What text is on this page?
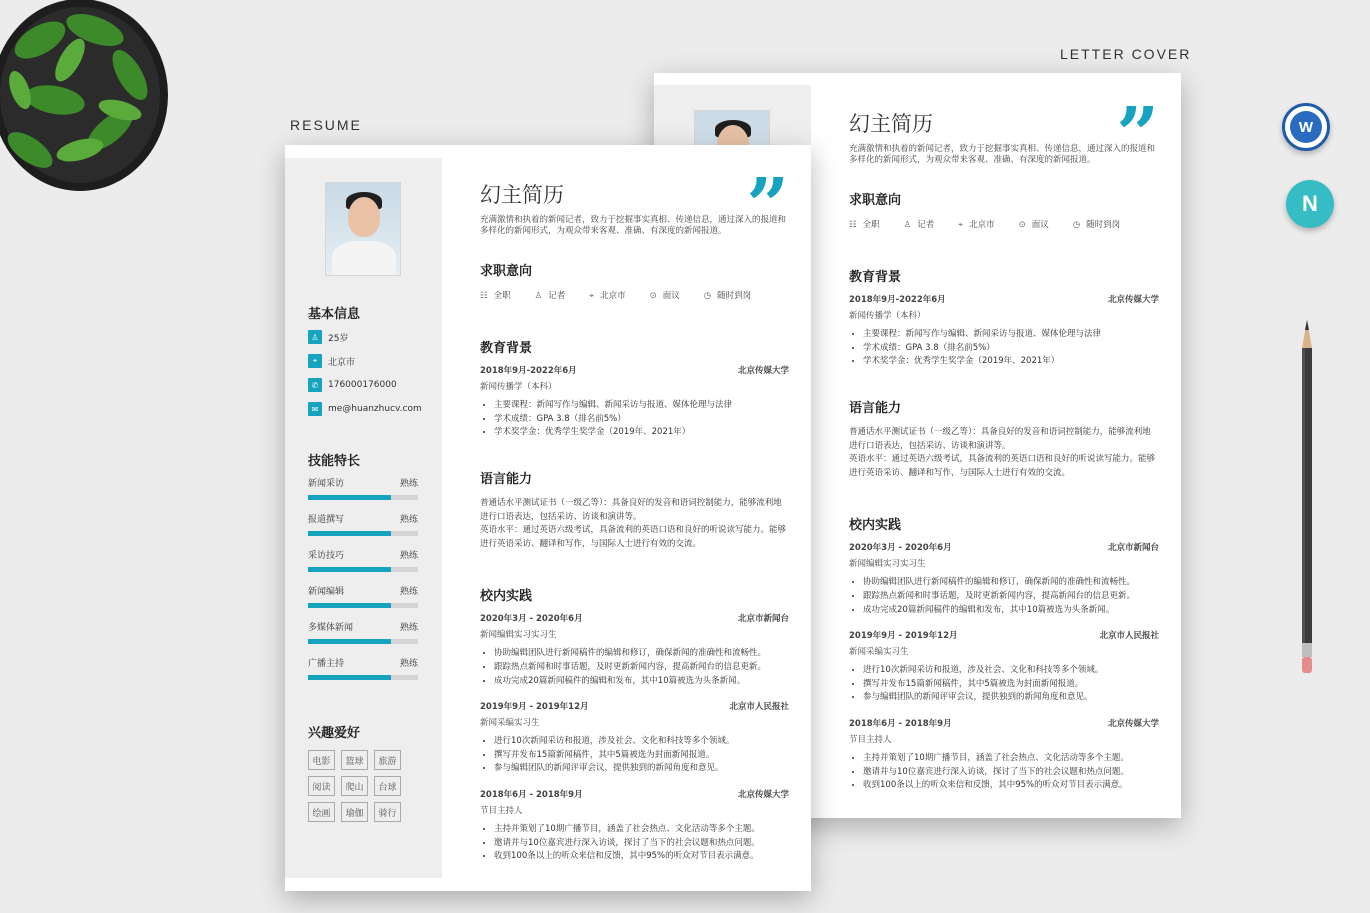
RESUME
LETTER COVER
W
N
幻主简历	”
充满激情和执着的新闻记者，致力于挖掘事实真相、传递信息，通过深入的报道和多样化的新闻形式，为观众带来客观、准确、有深度的新闻报道。
求职意向
☷ 全职	♙ 记者	⌖ 北京市	⊙ 面议	◷ 随时到岗
教育背景
2018年9月-2022年6月	北京传媒大学
新闻传播学（本科）
• 主要课程：新闻写作与编辑、新闻采访与报道、媒体伦理与法律
• 学术成绩：GPA 3.8（排名前5%）
• 学术奖学金：优秀学生奖学金（2019年、2021年）
语言能力
普通话水平测试证书（一级乙等）：具备良好的发音和语词控制能力，能够流利地进行口语表达，包括采访、访谈和演讲等。
英语水平：通过英语六级考试，具备流利的英语口语和良好的听说读写能力。能够进行英语采访、翻译和写作，与国际人士进行有效的交流。
校内实践
2020年3月 - 2020年6月	北京市新闻台
新闻编辑实习实习生
• 协助编辑团队进行新闻稿件的编辑和修订，确保新闻的准确性和流畅性。
• 跟踪热点新闻和时事话题，及时更新新闻内容，提高新闻台的信息更新。
• 成功完成20篇新闻稿件的编辑和发布，其中10篇被选为头条新闻。
2019年9月 - 2019年12月	北京市人民报社
新闻采编实习生
• 进行10次新闻采访和报道，涉及社会、文化和科技等多个领域。
• 撰写并发布15篇新闻稿件，其中5篇被选为封面新闻报道。
• 参与编辑团队的新闻评审会议，提供独到的新闻角度和意见。
2018年6月 - 2018年9月	北京传媒大学
节目主持人
• 主持并策划了10期广播节目，涵盖了社会热点、文化活动等多个主题。
• 邀请并与10位嘉宾进行深入访谈，探讨了当下的社会议题和热点问题。
• 收到100条以上的听众来信和反馈，其中95%的听众对节目表示满意。
基本信息
♙	25岁
⌖	北京市
✆	176000176000
✉	me@huanzhucv.com
技能特长
新闻采访	熟练
报道撰写	熟练
采访技巧	熟练
新闻编辑	熟练
多媒体新闻	熟练
广播主持	熟练
兴趣爱好
电影	篮球	旅游
阅读	爬山	台球
绘画	瑜伽	骑行
幻主简历	”
充满激情和执着的新闻记者，致力于挖掘事实真相、传递信息，通过深入的报道和多样化的新闻形式，为观众带来客观、准确、有深度的新闻报道。
求职意向
☷ 全职	♙ 记者	⌖ 北京市	⊙ 面议	◷ 随时到岗
教育背景
2018年9月-2022年6月	北京传媒大学
新闻传播学（本科）
• 主要课程：新闻写作与编辑、新闻采访与报道、媒体伦理与法律
• 学术成绩：GPA 3.8（排名前5%）
• 学术奖学金：优秀学生奖学金（2019年、2021年）
语言能力
普通话水平测试证书（一级乙等）：具备良好的发音和语词控制能力，能够流利地进行口语表达，包括采访、访谈和演讲等。
英语水平：通过英语六级考试，具备流利的英语口语和良好的听说读写能力。能够进行英语采访、翻译和写作，与国际人士进行有效的交流。
校内实践
2020年3月 - 2020年6月	北京市新闻台
新闻编辑实习实习生
• 协助编辑团队进行新闻稿件的编辑和修订，确保新闻的准确性和流畅性。
• 跟踪热点新闻和时事话题，及时更新新闻内容，提高新闻台的信息更新。
• 成功完成20篇新闻稿件的编辑和发布，其中10篇被选为头条新闻。
2019年9月 - 2019年12月	北京市人民报社
新闻采编实习生
• 进行10次新闻采访和报道，涉及社会、文化和科技等多个领域。
• 撰写并发布15篇新闻稿件，其中5篇被选为封面新闻报道。
• 参与编辑团队的新闻评审会议，提供独到的新闻角度和意见。
2018年6月 - 2018年9月	北京传媒大学
节目主持人
• 主持并策划了10期广播节目，涵盖了社会热点、文化活动等多个主题。
• 邀请并与10位嘉宾进行深入访谈，探讨了当下的社会议题和热点问题。
• 收到100条以上的听众来信和反馈，其中95%的听众对节目表示满意。
